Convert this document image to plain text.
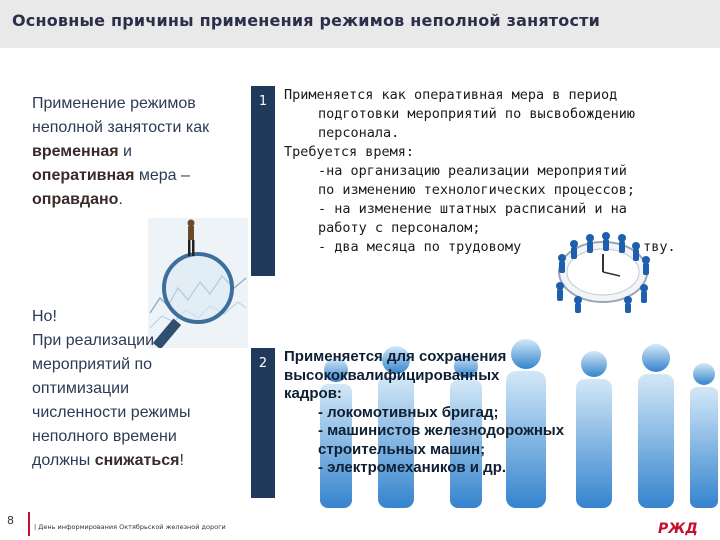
Основные причины применения режимов неполной занятости
Применение режимов
неполной занятости как
временная и
оперативная мера –
оправдано.
Но!
При реализации
мероприятий по
оптимизации
численности режимы
неполного времени
должны снижаться!
1
2
Применяется как оперативная мера в период
подготовки мероприятий по высвобождению
персонала.
Требуется время:
-на организацию реализации мероприятий
по изменению технологических процессов;
- на изменение штатных расписаний и на
работу с персоналом;
- два месяца по трудовому               тву.
Применяется для сохранения
высококвалифицированных
кадров:
- локомотивных бригад;
- машинистов железнодорожных
строительных машин;
- электромехаников и др.
8	| День информирования Октябрьской железной дороги	РЖД
